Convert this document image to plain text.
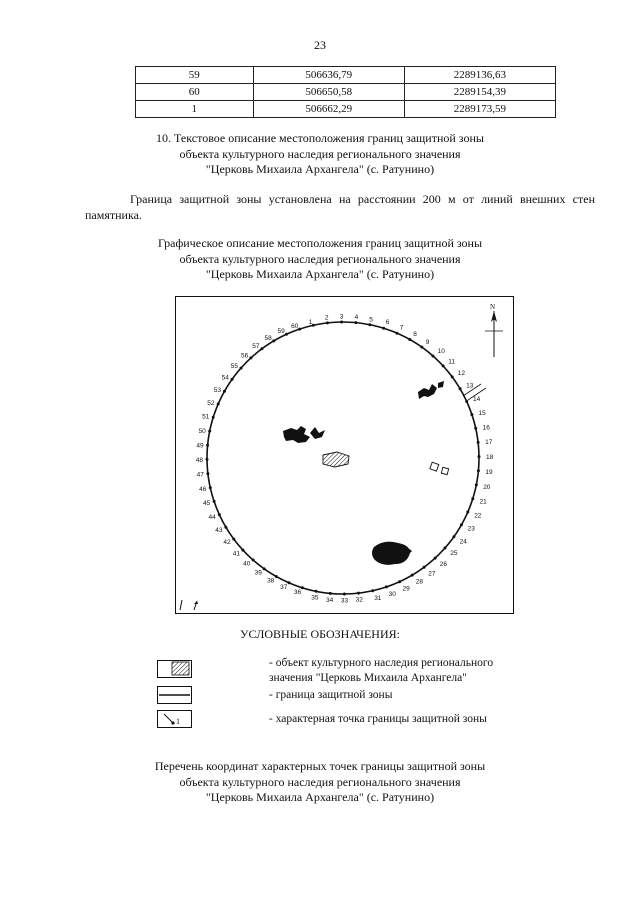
23
59	506636,79	2289136,63
60	506650,58	2289154,39
1	506662,29	2289173,59
10. Текстовое описание местоположения границ защитной зоны
объекта культурного наследия регионального значения
"Церковь Михаила Архангела" (с. Ратунино)
Граница защитной зоны установлена на расстоянии 200 м от линий внешних стен памятника.
Графическое описание местоположения границ защитной зоны
объекта культурного наследия регионального значения
"Церковь Михаила Архангела" (с. Ратунино)
N
1
2 3 4 5 6
7
8
9
10
11
12
13
14
15
16
17
18
19
20
21
22
23
24
25
26
27
28
29
30
31
32
33
34
35
36
37
38
39
40
41
42
43
44
45
46
47
48
49
50
51
52
53
54
55
56
57
58
59
60
УСЛОВНЫЕ ОБОЗНАЧЕНИЯ:
- объект культурного наследия регионального
значения "Церковь Михаила Архангела"
- граница защитной зоны
1	- характерная точка границы защитной зоны
Перечень координат характерных точек границы защитной зоны
объекта культурного наследия регионального значения
"Церковь Михаила Архангела" (с. Ратунино)
